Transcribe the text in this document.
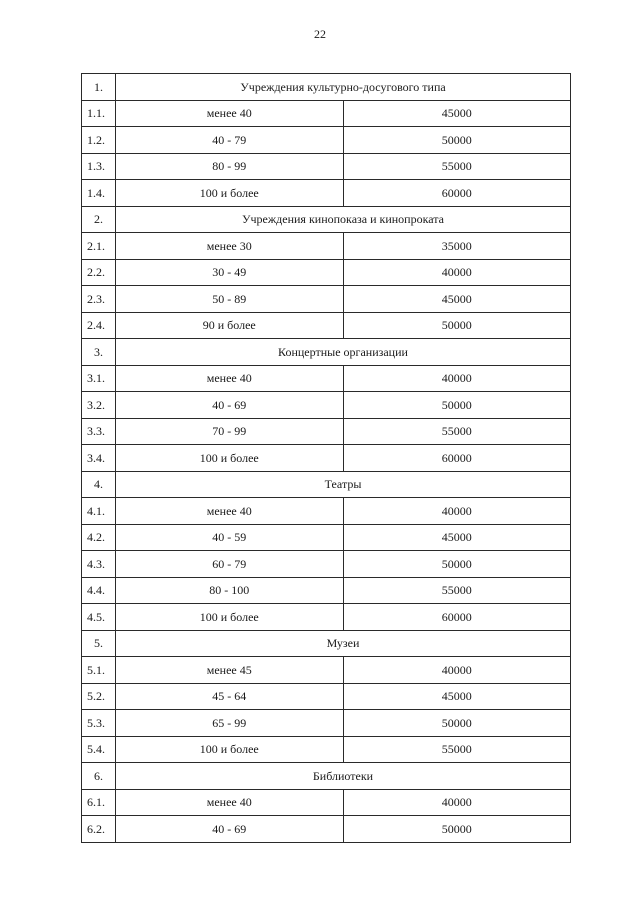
22
1.	Учреждения культурно-досугового типа	
1.1.	менее 40	45000
1.2.	40 - 79	50000
1.3.	80 - 99	55000
1.4.	100 и более	60000
2.	Учреждения кинопоказа и кинопроката	
2.1.	менее 30	35000
2.2.	30 - 49	40000
2.3.	50 - 89	45000
2.4.	90 и более	50000
3.	Концертные организации	
3.1.	менее 40	40000
3.2.	40 - 69	50000
3.3.	70 - 99	55000
3.4.	100 и более	60000
4.	Театры	
4.1.	менее 40	40000
4.2.	40 - 59	45000
4.3.	60 - 79	50000
4.4.	80 - 100	55000
4.5.	100 и более	60000
5.	Музеи	
5.1.	менее 45	40000
5.2.	45 - 64	45000
5.3.	65 - 99	50000
5.4.	100 и более	55000
6.	Библиотеки	
6.1.	менее 40	40000
6.2.	40 - 69	50000
